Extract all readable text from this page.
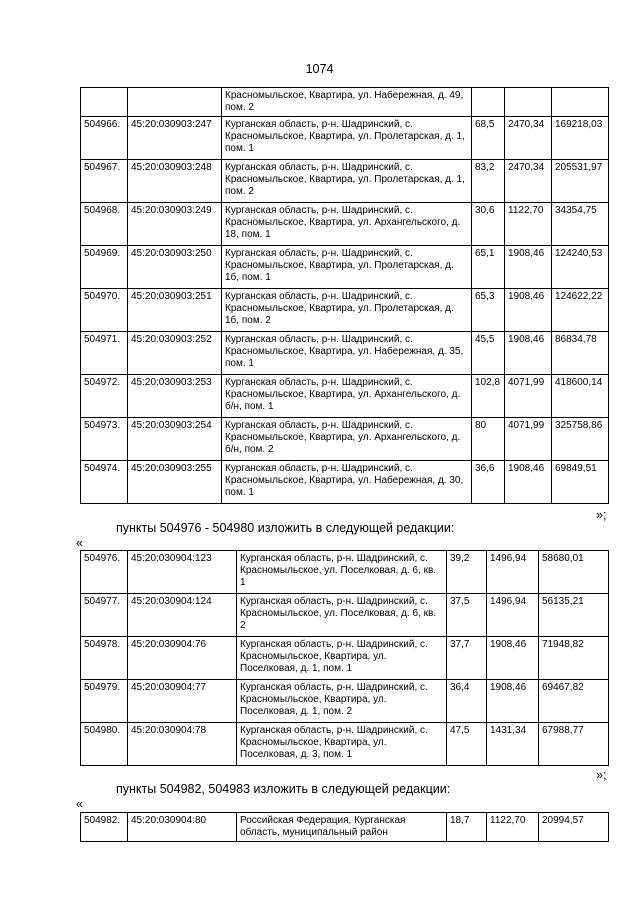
1074
		Красномыльское, Квартира, ул. Набережная, д. 49, пом. 2			
504966.	45:20:030903:247	Курганская область, р-н. Шадринский, с. Красномыльское, Квартира, ул. Пролетарская, д. 1, пом. 1	68,5	2470,34	169218,03
504967.	45:20:030903:248	Курганская область, р-н. Шадринский, с. Красномыльское, Квартира, ул. Пролетарская, д. 1, пом. 2	83,2	2470,34	205531,97
504968.	45:20:030903:249	Курганская область, р-н. Шадринский, с. Красномыльское, Квартира, ул. Архангельского, д. 18, пом. 1	30,6	1122,70	34354,75
504969.	45:20:030903:250	Курганская область, р-н. Шадринский, с. Красномыльское, Квартира, ул. Пролетарская, д. 1б, пом. 1	65,1	1908,46	124240,53
504970.	45:20:030903:251	Курганская область, р-н. Шадринский, с. Красномыльское, Квартира, ул. Пролетарская, д. 1б, пом. 2	65,3	1908,46	124622,22
504971.	45:20:030903:252	Курганская область, р-н. Шадринский, с. Красномыльское, Квартира, ул. Набережная, д. 35, пом. 1	45,5	1908,46	86834,78
504972.	45:20:030903:253	Курганская область, р-н. Шадринский, с. Красномыльское, Квартира, ул. Архангельского, д. б/н, пом. 1	102,8	4071,99	418600,14
504973.	45:20:030903:254	Курганская область, р-н. Шадринский, с. Красномыльское, Квартира, ул. Архангельского, д. б/н, пом. 2	80	4071,99	325758,86
504974.	45:20:030903:255	Курганская область, р-н. Шадринский, с. Красномыльское, Квартира, ул. Набережная, д. 30, пом. 1	36,6	1908,46	69849,51
»;
пункты 504976 - 504980 изложить в следующей редакции:
«
504976.	45:20:030904:123	Курганская область, р-н. Шадринский, с. Красномыльское, ул. Поселковая, д. 6, кв. 1	39,2	1496,94	58680,01
504977.	45:20:030904:124	Курганская область, р-н. Шадринский, с. Красномыльское, ул. Поселковая, д. 6, кв. 2	37,5	1496,94	56135,21
504978.	45:20:030904:76	Курганская область, р-н. Шадринский, с. Красномыльское, Квартира, ул. Поселковая, д. 1, пом. 1	37,7	1908,46	71948,82
504979.	45:20:030904:77	Курганская область, р-н. Шадринский, с. Красномыльское, Квартира, ул. Поселковая, д. 1, пом. 2	36,4	1908,46	69467,82
504980.	45:20:030904:78	Курганская область, р-н. Шадринский, с. Красномыльское, Квартира, ул. Поселковая, д. 3, пом. 1	47,5	1431,34	67988,77
»;
пункты 504982, 504983 изложить в следующей редакции:
«
504982.	45:20:030904:80	Российская Федерация, Курганская область, муниципальный район	18,7	1122,70	20994,57
